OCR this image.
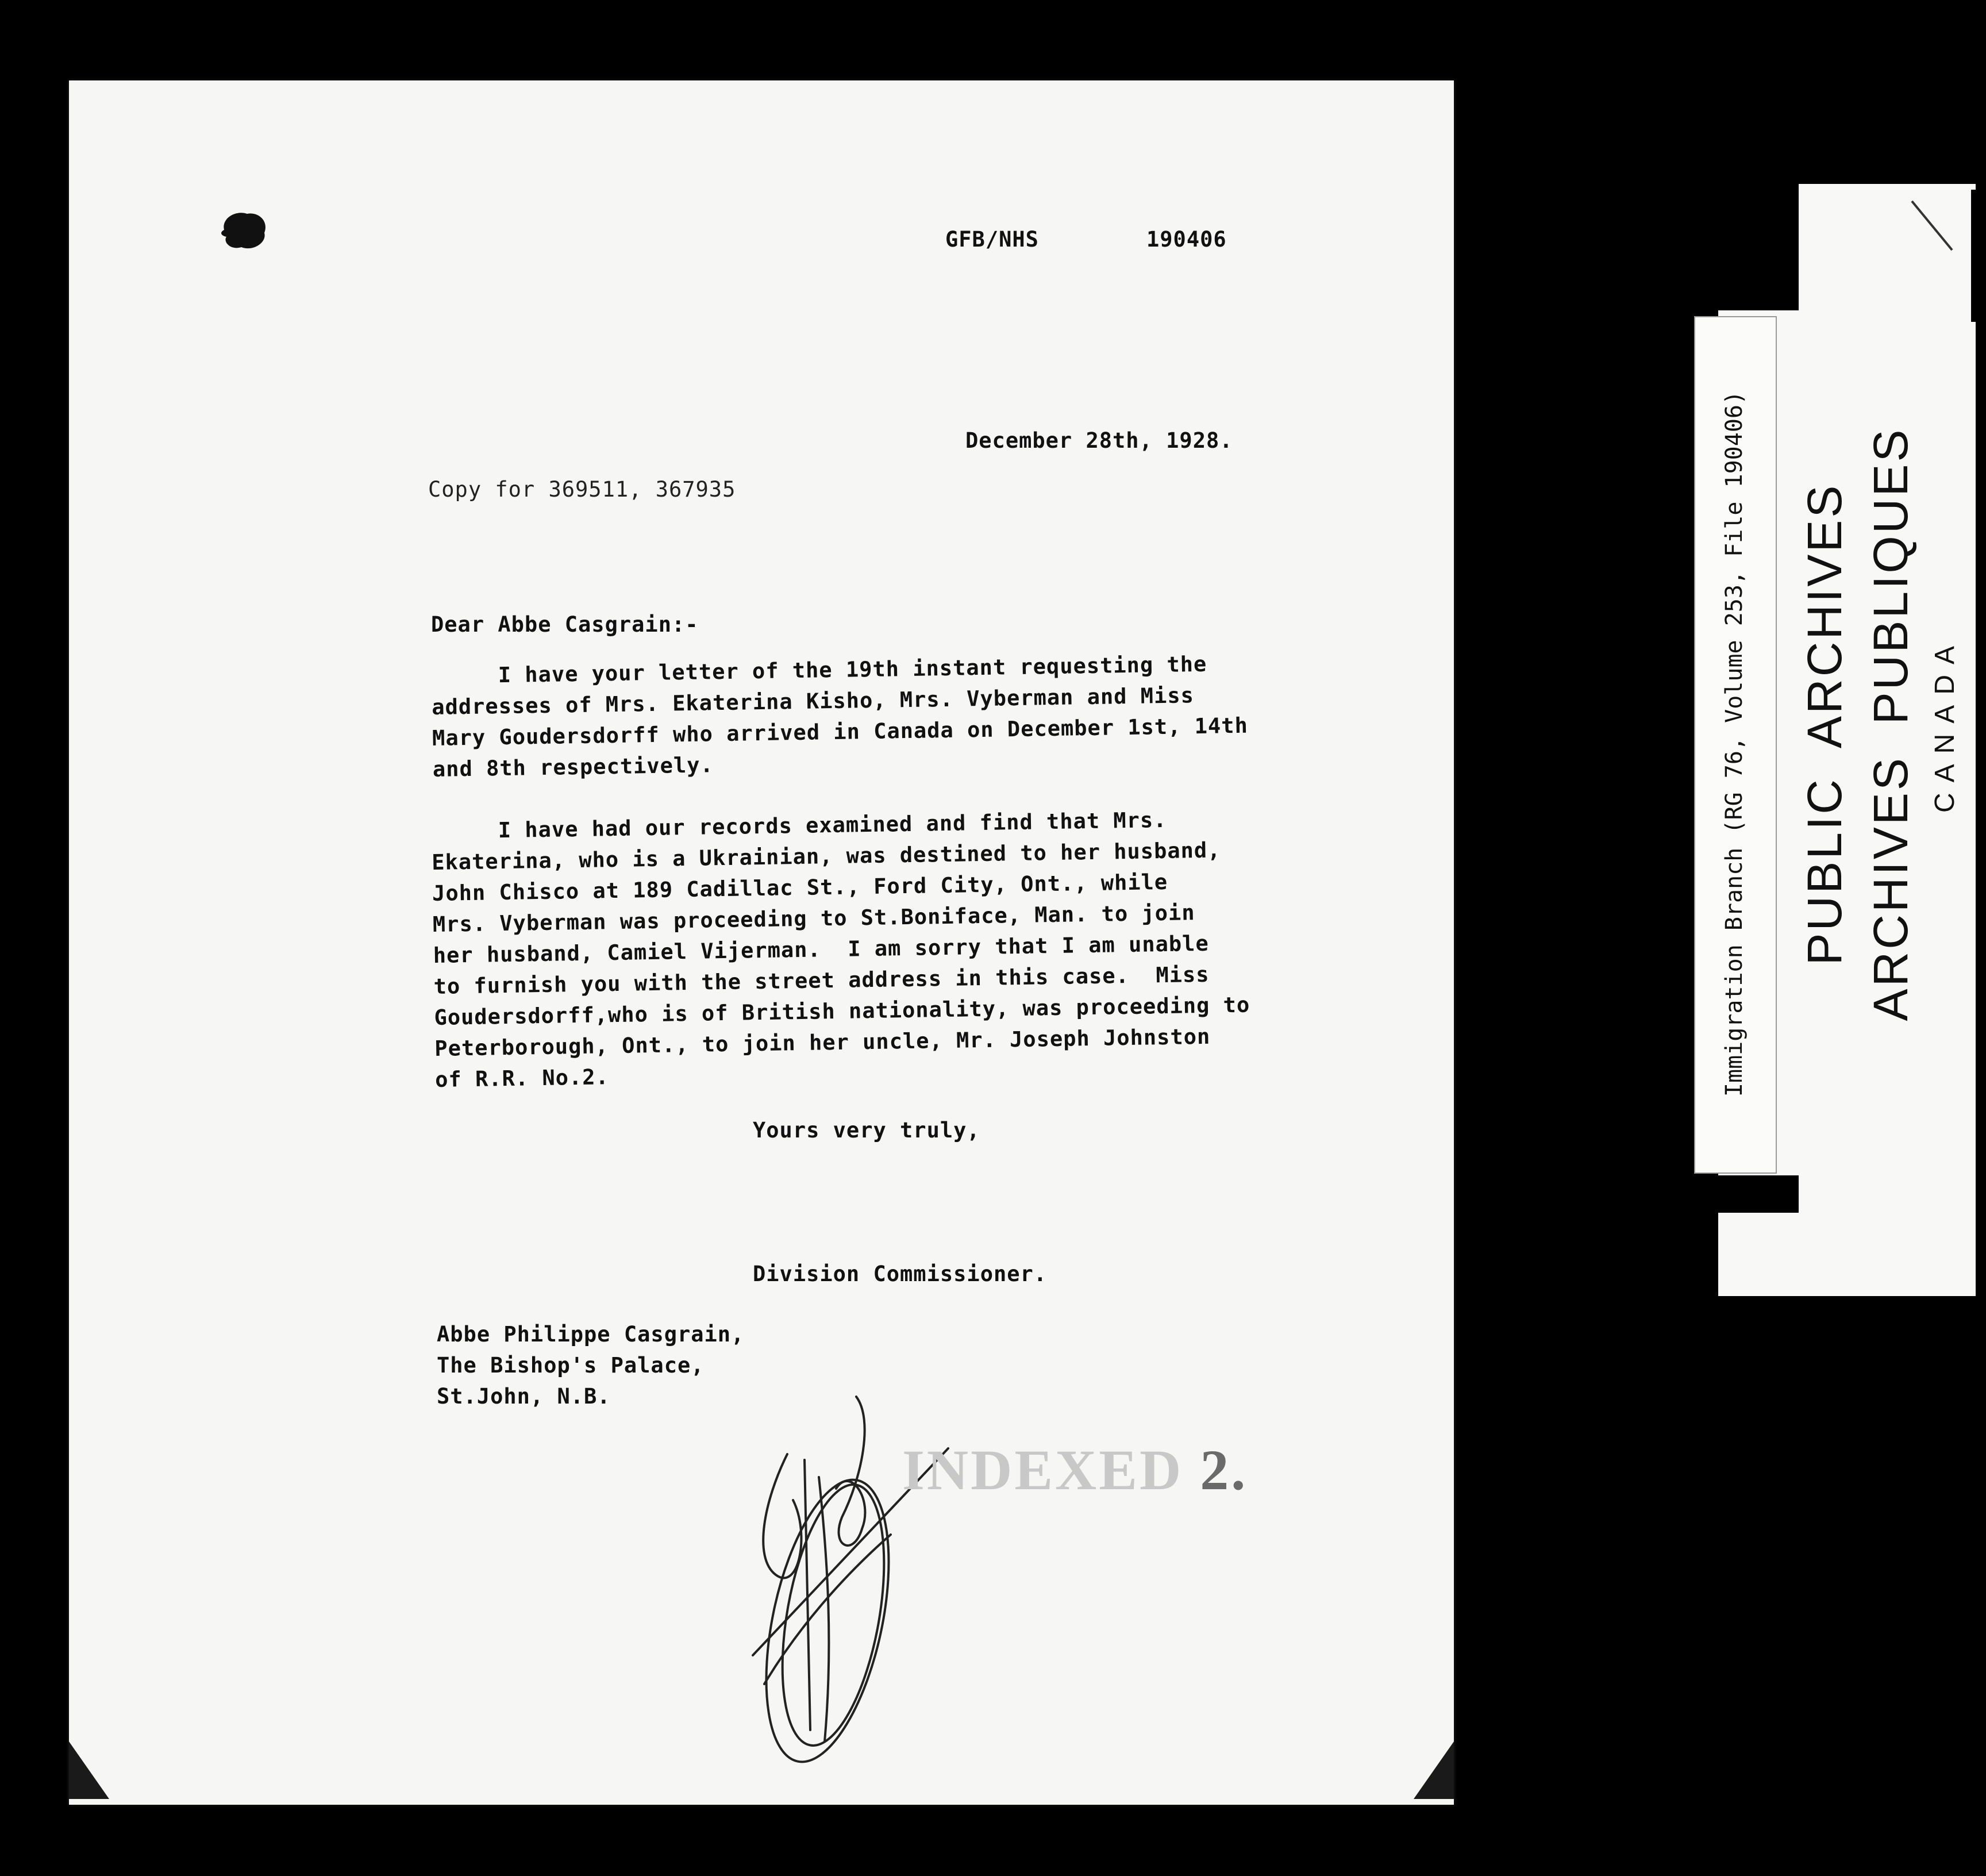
GFB/NHS	190406
December 28th, 1928.
Copy for 369511, 367935
Dear Abbe Casgrain:-
I have your letter of the 19th instant requesting the
addresses of Mrs. Ekaterina Kisho, Mrs. Vyberman and Miss
Mary Goudersdorff who arrived in Canada on December 1st, 14th
and 8th respectively.
I have had our records examined and find that Mrs.
Ekaterina, who is a Ukrainian, was destined to her husband,
John Chisco at 189 Cadillac St., Ford City, Ont., while
Mrs. Vyberman was proceeding to St.Boniface, Man. to join
her husband, Camiel Vijerman.  I am sorry that I am unable
to furnish you with the street address in this case.  Miss
Goudersdorff,who is of British nationality, was proceeding to
Peterborough, Ont., to join her uncle, Mr. Joseph Johnston
of R.R. No.2.
Yours very truly,
Division Commissioner.
Abbe Philippe Casgrain,
The Bishop's Palace,
St.John, N.B.
INDEXED 2.
Immigration Branch (RG 76, Volume 253, File 190406) PUBLIC  ARCHIVES ARCHIVES  PUBLIQUES CANADA
